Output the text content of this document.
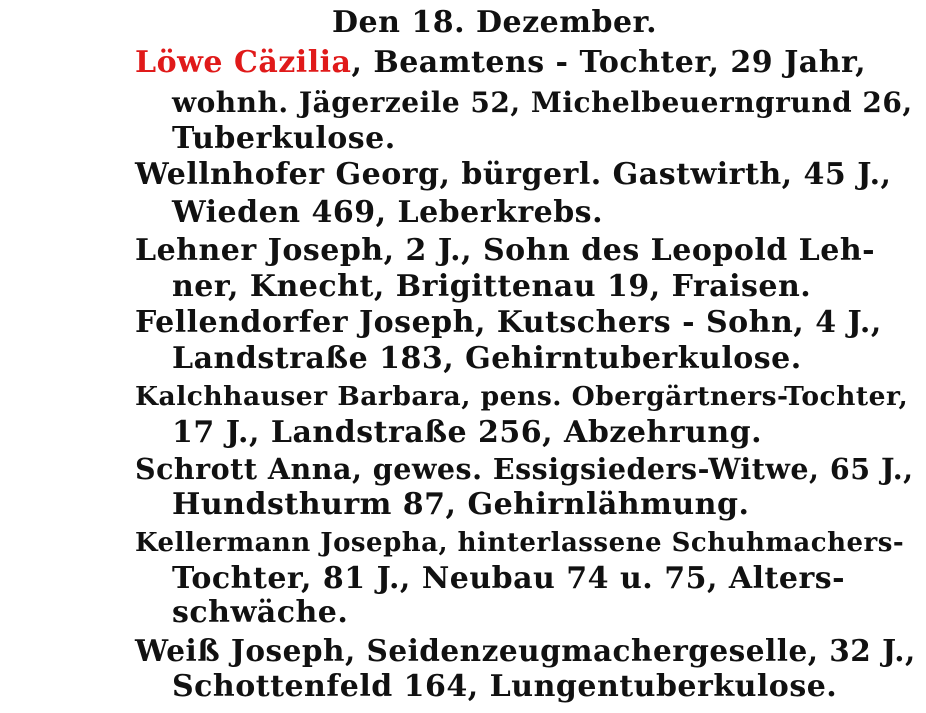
Den 18. Dezember.
Löwe Cäzilia, Beamtens - Tochter, 29 Jahr,
wohnh. Jägerzeile 52, Michelbeuerngrund 26,
Tuberkulose.
Wellnhofer Georg, bürgerl. Gastwirth, 45 J.,
Wieden 469, Leberkrebs.
Lehner Joseph, 2 J., Sohn des Leopold Leh-
ner, Knecht, Brigittenau 19, Fraisen.
Fellendorfer Joseph, Kutschers - Sohn, 4 J.,
Landstraße 183, Gehirntuberkulose.
Kalchhauser Barbara, pens. Obergärtners-Tochter,
17 J., Landstraße 256, Abzehrung.
Schrott Anna, gewes. Essigsieders-Witwe, 65 J.,
Hundsthurm 87, Gehirnlähmung.
Kellermann Josepha, hinterlassene Schuhmachers-
Tochter, 81 J., Neubau 74 u. 75, Alters-
schwäche.
Weiß Joseph, Seidenzeugmachergeselle, 32 J.,
Schottenfeld 164, Lungentuberkulose.
